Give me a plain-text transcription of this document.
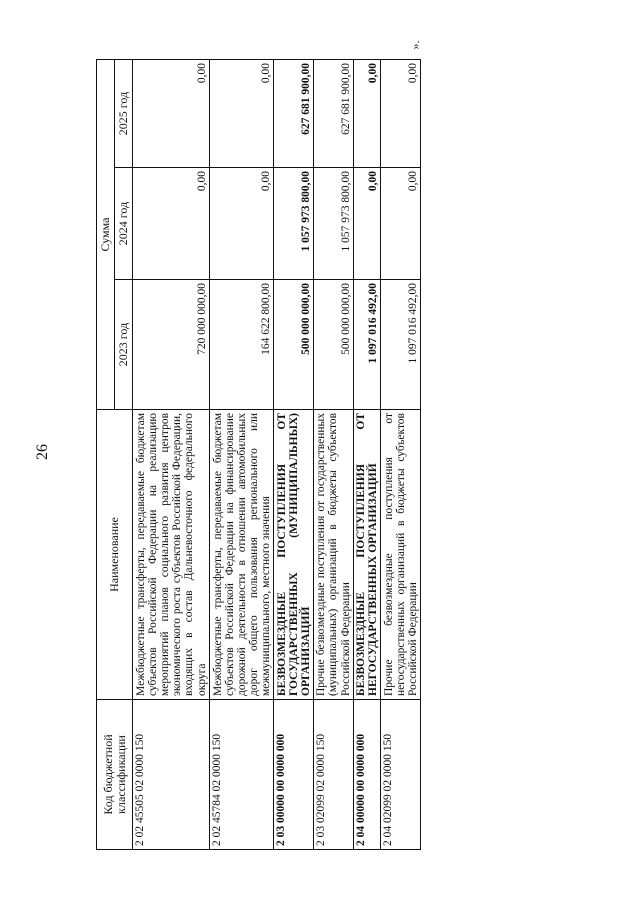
26
Код бюджетной классификации	Наименование	Сумма		
		2023 год	2024 год	2025 год
2 02 45505 02 0000 150	Межбюджетные трансферты, передаваемые бюджетам субъектов Российской Федерации на реализацию мероприятий планов социального развития центров экономического роста субъектов Российской Федерации, входящих в состав Дальневосточного федерального округа	720 000 000,00	0,00	0,00
2 02 45784 02 0000 150	Межбюджетные трансферты, передаваемые бюджетам субъектов Российской Федерации на финансирование дорожной деятельности в отношении автомобильных дорог общего пользования регионального или межмуниципального, местного значения	164 622 800,00	0,00	0,00
2 03 00000 00 0000 000	БЕЗВОЗМЕЗДНЫЕ ПОСТУПЛЕНИЯ ОТ ГОСУДАРСТВЕННЫХ (МУНИЦИПАЛЬНЫХ) ОРГАНИЗАЦИЙ	500 000 000,00	1 057 973 800,00	627 681 900,00
2 03 02099 02 0000 150	Прочие безвозмездные поступления от государственных (муниципальных) организаций в бюджеты субъектов Российской Федерации	500 000 000,00	1 057 973 800,00	627 681 900,00
2 04 00000 00 0000 000	БЕЗВОЗМЕЗДНЫЕ ПОСТУПЛЕНИЯ ОТ НЕГОСУДАРСТВЕННЫХ ОРГАНИЗАЦИЙ	1 097 016 492,00	0,00	0,00
2 04 02099 02 0000 150	Прочие безвозмездные поступления от негосударственных организаций в бюджеты субъектов Российской Федерации	1 097 016 492,00	0,00	0,00
».
